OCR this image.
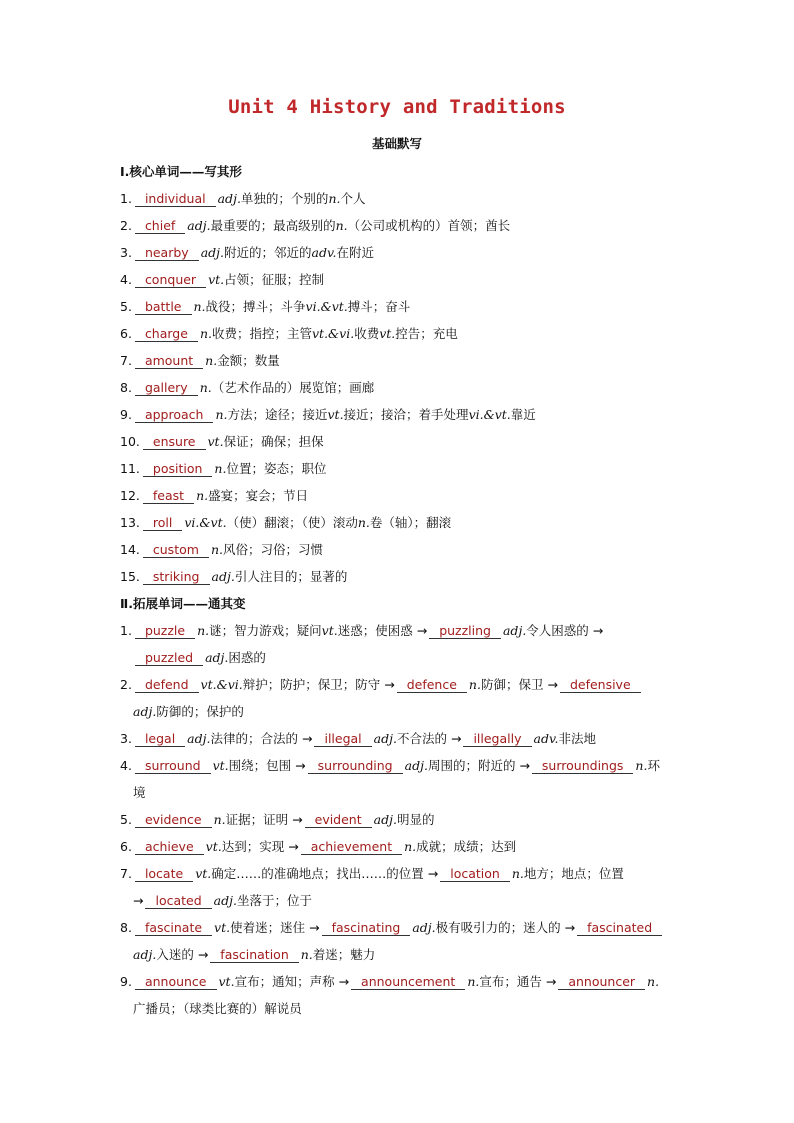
Unit 4 History and Traditions
基础默写
Ⅰ.核心单词——写其形
1. individual adj.单独的；个别的n.个人
2. chief adj.最重要的；最高级别的n.（公司或机构的）首领；酋长
3. nearby adj.附近的；邻近的adv.在附近
4. conquer vt.占领；征服；控制
5. battle n.战役；搏斗；斗争vi.&vt.搏斗；奋斗
6. charge n.收费；指控；主管vt.&vi.收费vt.控告；充电
7. amount n.金额；数量
8. gallery n.（艺术作品的）展览馆；画廊
9. approach n.方法；途径；接近vt.接近；接洽；着手处理vi.&vt.靠近
10. ensure vt.保证；确保；担保
11. position n.位置；姿态；职位
12. feast n.盛宴；宴会；节日
13. roll vi.&vt.（使）翻滚；（使）滚动n.卷（轴）；翻滚
14. custom n.风俗；习俗；习惯
15. striking adj.引人注目的；显著的
Ⅱ.拓展单词——通其变
1. puzzle n.谜；智力游戏；疑问vt.迷惑；使困惑 → puzzling adj.令人困惑的 →
puzzled adj.困惑的
2. defend vt.&vi.辩护；防护；保卫；防守 → defence n.防御；保卫 → defensive
adj.防御的；保护的
3. legal adj.法律的；合法的 → illegal adj.不合法的 → illegally adv.非法地
4. surround vt.围绕；包围 → surrounding adj.周围的；附近的 → surroundings n.环
境
5. evidence n.证据；证明 → evident adj.明显的
6. achieve vt.达到；实现 → achievement n.成就；成绩；达到
7. locate vt.确定……的准确地点；找出……的位置 → location n.地方；地点；位置
→ located adj.坐落于；位于
8. fascinate vt.使着迷；迷住 → fascinating adj.极有吸引力的；迷人的 → fascinated
adj.入迷的 → fascination n.着迷；魅力
9. announce vt.宣布；通知；声称 → announcement n.宣布；通告 → announcer n.
广播员；（球类比赛的）解说员
